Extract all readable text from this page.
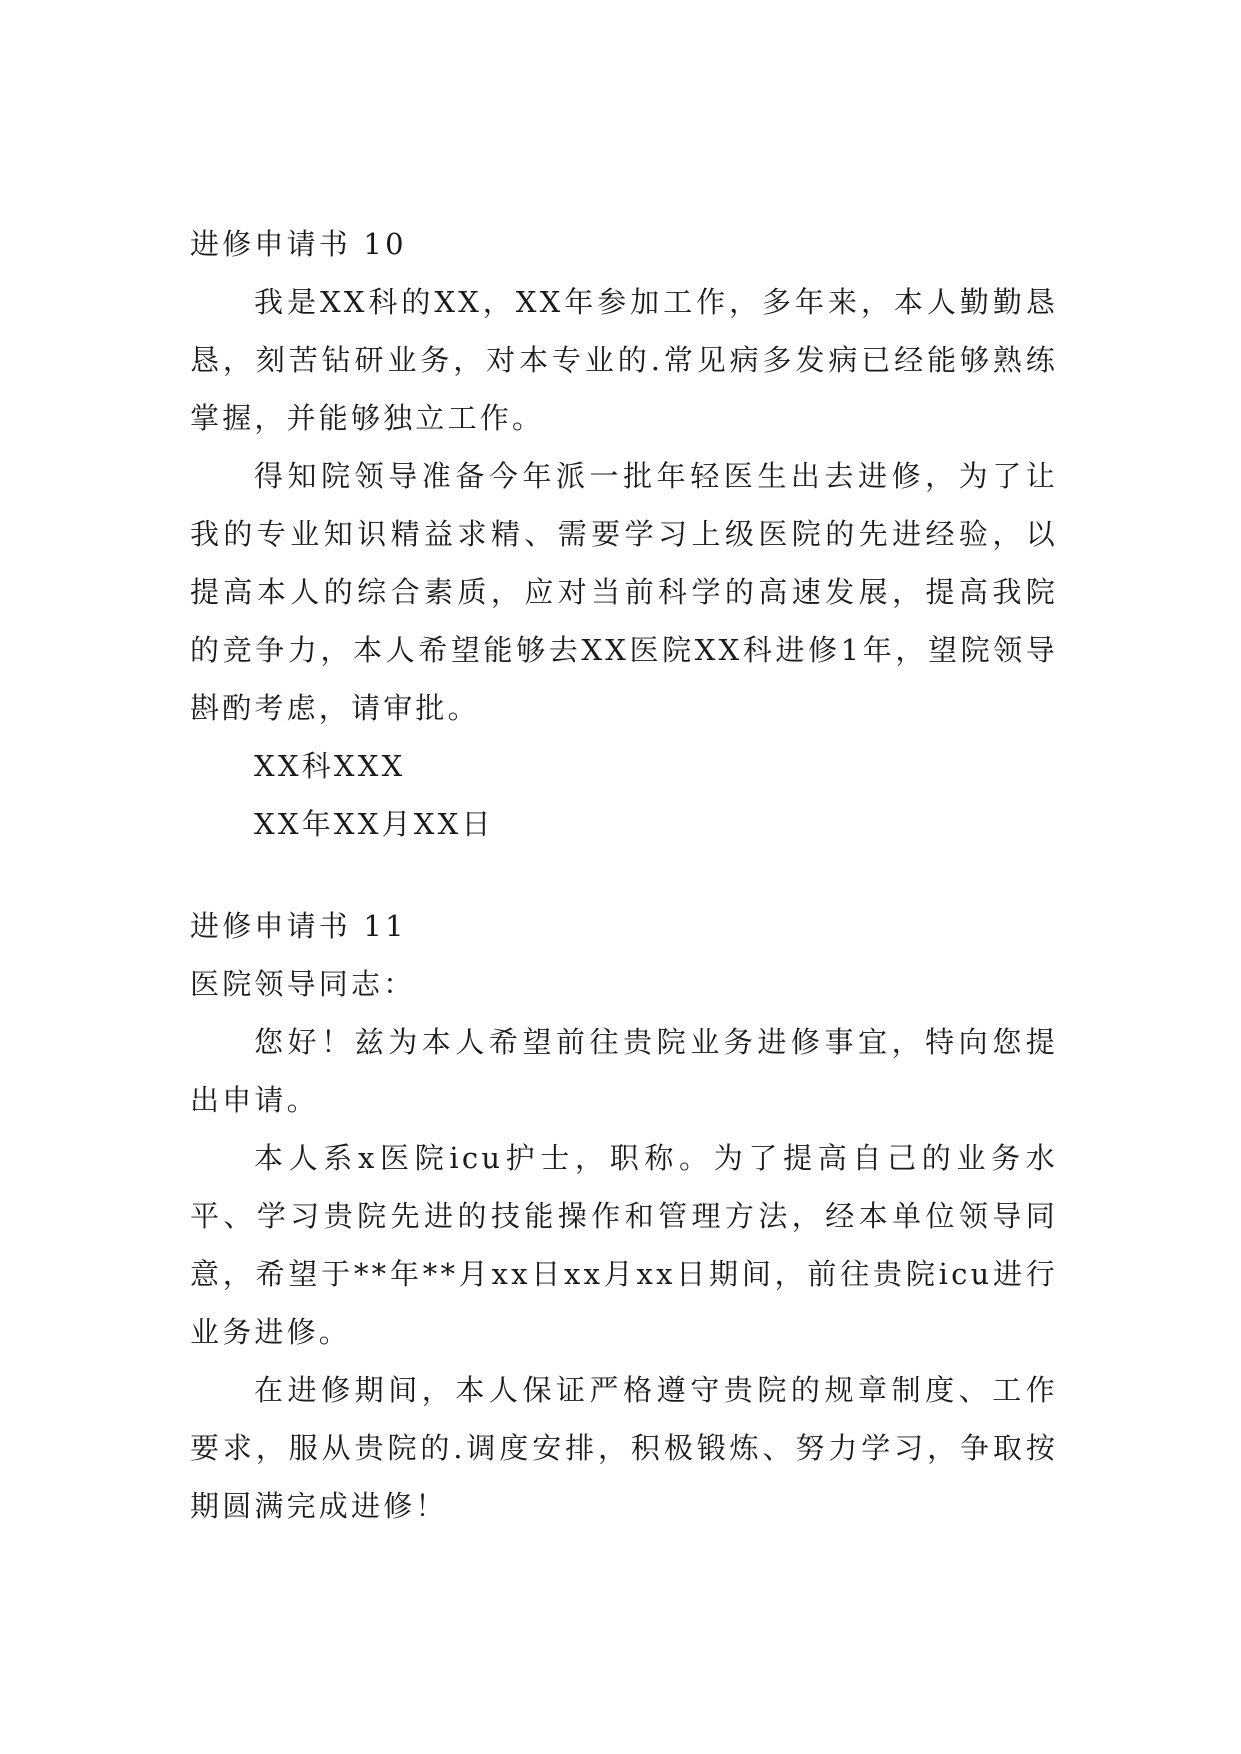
进修申请书 10

我是XX科的XX，XX年参加工作，多年来，本人勤勤恳恳，刻苦钻研业务，对本专业的.常见病多发病已经能够熟练掌握，并能够独立工作。

得知院领导准备今年派一批年轻医生出去进修，为了让我的专业知识精益求精、需要学习上级医院的先进经验，以提高本人的综合素质，应对当前科学的高速发展，提高我院的竞争力，本人希望能够去XX医院XX科进修1年，望院领导斟酌考虑，请审批。

XX科XXX

XX年XX月XX日

进修申请书 11

医院领导同志：

您好！兹为本人希望前往贵院业务进修事宜，特向您提出申请。

本人系x医院icu护士，职称。为了提高自己的业务水平、学习贵院先进的技能操作和管理方法，经本单位领导同意，希望于**年**月xx日xx月xx日期间，前往贵院icu进行业务进修。

在进修期间，本人保证严格遵守贵院的规章制度、工作要求，服从贵院的.调度安排，积极锻炼、努力学习，争取按期圆满完成进修！
